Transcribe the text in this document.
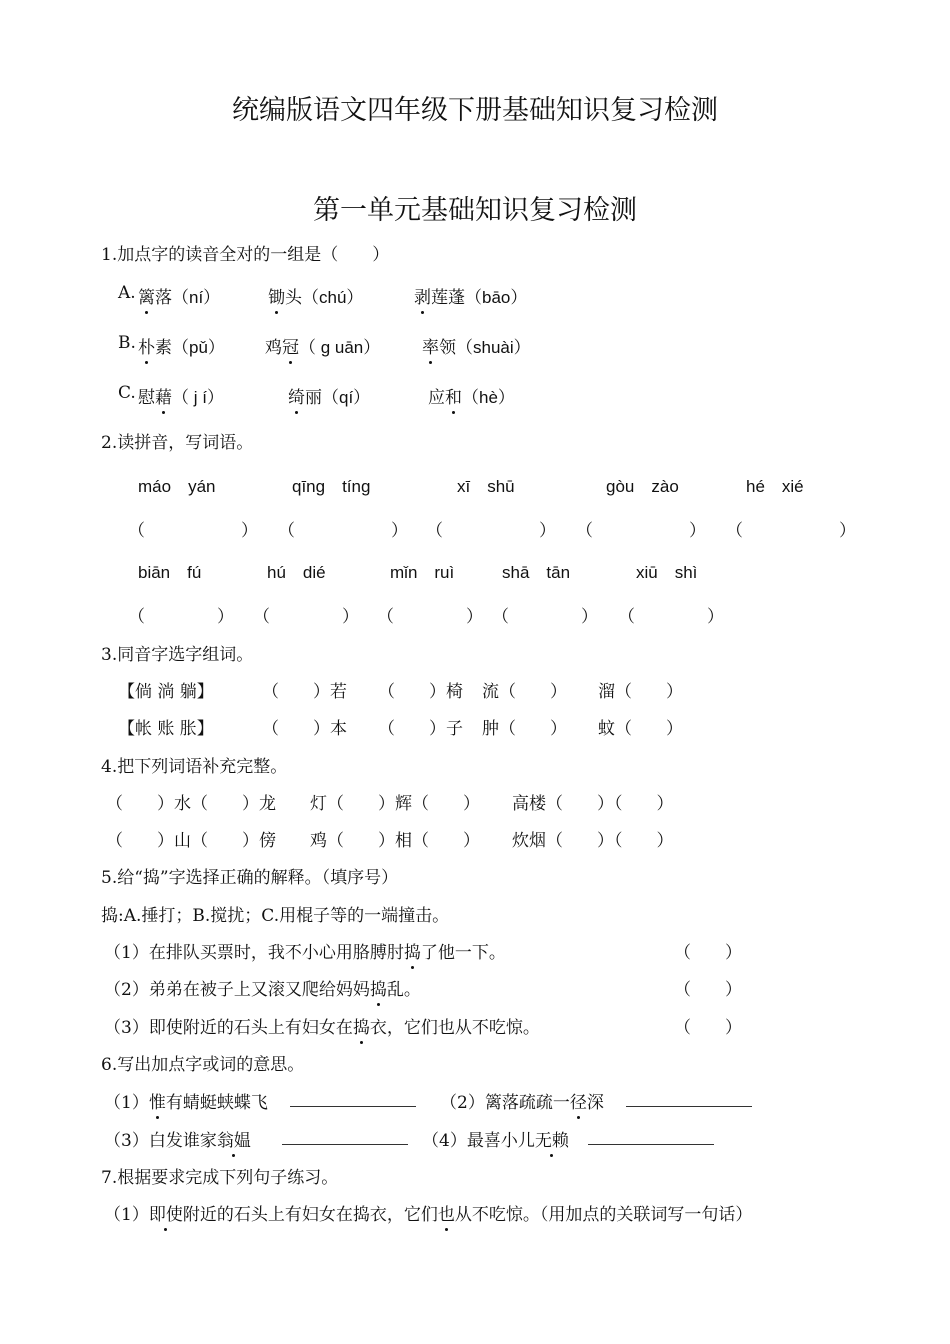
统编版语文四年级下册基础知识复习检测
第一单元基础知识复习检测
1.加点字的读音全对的一组是（　　）
A. 篱落（ní）	锄头（chú）	剥莲蓬（bāo）
B. 朴素（pǔ） 鸡冠（ g uān） 率领（shuài）
C. 慰藉（ j í）	绮丽（qí）	应和（hè）
2.读拼音，写词语。
máo　yán	qīng　tíng	xī　shū	gòu　zào	hé　xié
（	） （	） （	） （	） （	）
biān　fú	hú　dié	mǐn　ruì	shā　tān	xiū　shì
（	） （	） （	） （	） （	）
3.同音字选字组词。
【倘 淌 躺】	（　　）若 （　　）椅 流（　　） 溜（　　）
【帐 账 胀】	（　　）本 （　　）子 肿（　　） 蚊（　　）
4.把下列词语补充完整。
（　　）水（　　）龙 灯（　　）辉（　　） 高楼（　　）（　　）
（　　）山（　　）傍 鸡（　　）相（　　） 炊烟（　　）（　　）
5.给“捣”字选择正确的解释。（填序号）
捣:A.捶打；B.搅扰；C.用棍子等的一端撞击。
（1）在排队买票时，我不小心用胳膊肘捣了他一下。	（　　）
（2）弟弟在被子上又滚又爬给妈妈捣乱。	（　　）
（3）即使附近的石头上有妇女在捣衣，它们也从不吃惊。	（　　）
6.写出加点字或词的意思。
（1）惟有蜻蜓蛱蝶飞	（2）篱落疏疏一径深
（3）白发谁家翁媪	（4）最喜小儿无赖
7.根据要求完成下列句子练习。
（1）即使附近的石头上有妇女在捣衣，它们也从不吃惊。（用加点的关联词写一句话）
